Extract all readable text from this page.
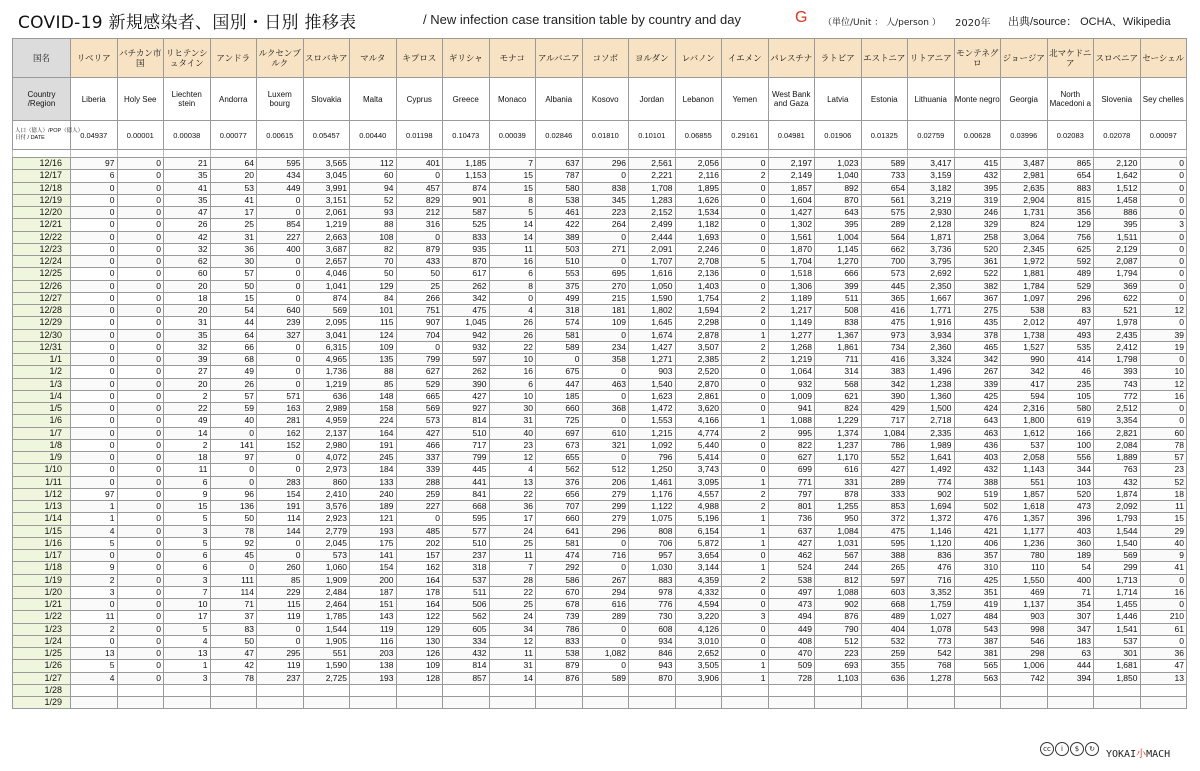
COVID-19 新規感染者、国別・日別 推移表	/ New infection case transition table by country and day	G （単位/Unit ： 人/person ） 2020年 出典/source： OCHA、Wikipedia
国名	リベリア	バチカン市国	リヒテンシュタイン	アンドラ	ルクセンブルク	スロバキア	マルタ	キプロス	ギリシャ	モナコ	アルバニア	コソボ	ヨルダン	レバノン	イエメン	パレスチナ	ラトビア	エストニア	リトアニア	モンテネグロ	ジョージア	北マケドニア	スロベニア	セーシェル
Country
/Region	Liberia	Holy See	Liechten stein	Andorra	Luxem bourg	Slovakia	Malta	Cyprus	Greece	Monaco	Albania	Kosovo	Jordan	Lebanon	Yemen	West Bank and Gaza	Latvia	Estonia	Lithuania	Monte negro	Georgia	North Macedoni a	Slovenia	Sey chelles

人口（億人）/POP（億人）
日付 / DATE	0.04937	0.00001	0.00038	0.00077	0.00615	0.05457	0.00440	0.01198	0.10473	0.00039	0.02846	0.01810	0.10101	0.06855	0.29161	0.04981	0.01906	0.01325	0.02759	0.00628	0.03996	0.02083	0.02078	0.00097

12/16	97	0	21	64	595	3,565	112	401	1,185	7	637	296	2,561	2,056	0	2,197	1,023	589	3,417	415	3,487	865	2,120	0
12/17	6	0	35	20	434	3,045	60	0	1,153	15	787	0	2,221	2,116	2	2,149	1,040	733	3,159	432	2,981	654	1,642	0
12/18	0	0	41	53	449	3,991	94	457	874	15	580	838	1,708	1,895	0	1,857	892	654	3,182	395	2,635	883	1,512	0
12/19	0	0	35	41	0	3,151	52	829	901	8	538	345	1,283	1,626	0	1,604	870	561	3,219	319	2,904	815	1,458	0
12/20	0	0	47	17	0	2,061	93	212	587	5	461	223	2,152	1,534	0	1,427	643	575	2,930	246	1,731	356	886	0
12/21	0	0	26	25	854	1,219	88	316	525	14	422	264	2,499	1,182	0	1,302	395	289	2,128	329	824	129	395	3
12/22	0	0	42	31	227	2,663	108	0	833	14	389	0	2,444	1,693	0	1,561	1,004	564	1,871	258	3,064	756	1,511	0
12/23	0	0	32	36	400	3,687	82	879	935	11	503	271	2,091	2,246	0	1,870	1,145	662	3,736	520	2,345	625	2,129	0
12/24	0	0	62	30	0	2,657	70	433	870	16	510	0	1,707	2,708	5	1,704	1,270	700	3,795	361	1,972	592	2,087	0
12/25	0	0	60	57	0	4,046	50	50	617	6	553	695	1,616	2,136	0	1,518	666	573	2,692	522	1,881	489	1,794	0
12/26	0	0	20	50	0	1,041	129	25	262	8	375	270	1,050	1,403	0	1,306	399	445	2,350	382	1,784	529	369	0
12/27	0	0	18	15	0	874	84	266	342	0	499	215	1,590	1,754	2	1,189	511	365	1,667	367	1,097	296	622	0
12/28	0	0	20	54	640	569	101	751	475	4	318	181	1,802	1,594	2	1,217	508	416	1,771	275	538	83	521	12
12/29	0	0	31	44	239	2,095	115	907	1,045	26	574	109	1,645	2,298	0	1,149	838	475	1,916	435	2,012	497	1,978	0
12/30	0	0	35	64	327	3,041	124	704	942	26	581	0	1,674	2,878	1	1,277	1,367	973	3,934	378	1,738	493	2,435	39
12/31	0	0	32	66	0	6,315	109	0	932	22	589	234	1,427	3,507	2	1,268	1,861	734	2,360	465	1,527	535	2,412	19
1/1	0	0	39	68	0	4,965	135	799	597	10	0	358	1,271	2,385	2	1,219	711	416	3,324	342	990	414	1,798	0
1/2	0	0	27	49	0	1,736	88	627	262	16	675	0	903	2,520	0	1,064	314	383	1,496	267	342	46	393	10
1/3	0	0	20	26	0	1,219	85	529	390	6	447	463	1,540	2,870	0	932	568	342	1,238	339	417	235	743	12
1/4	0	0	2	57	571	636	148	665	427	10	185	0	1,623	2,861	0	1,009	621	390	1,360	425	594	105	772	16
1/5	0	0	22	59	163	2,989	158	569	927	30	660	368	1,472	3,620	0	941	824	429	1,500	424	2,316	580	2,512	0
1/6	0	0	49	40	281	4,959	224	573	814	31	725	0	1,553	4,166	1	1,088	1,229	717	2,718	643	1,800	619	3,354	0
1/7	0	0	14	0	162	2,137	164	427	510	40	697	610	1,215	4,774	2	995	1,374	1,084	2,335	463	1,612	166	2,821	60
1/8	0	0	2	141	152	2,980	191	466	717	23	673	321	1,092	5,440	0	822	1,237	786	1,989	436	537	100	2,084	78
1/9	0	0	18	97	0	4,072	245	337	799	12	655	0	796	5,414	0	627	1,170	552	1,641	403	2,058	556	1,889	57
1/10	0	0	11	0	0	2,973	184	339	445	4	562	512	1,250	3,743	0	699	616	427	1,492	432	1,143	344	763	23
1/11	0	0	6	0	283	860	133	288	441	13	376	206	1,461	3,095	1	771	331	289	774	388	551	103	432	52
1/12	97	0	9	96	154	2,410	240	259	841	22	656	279	1,176	4,557	2	797	878	333	902	519	1,857	520	1,874	18
1/13	1	0	15	136	191	3,576	189	227	668	36	707	299	1,122	4,988	2	801	1,255	853	1,694	502	1,618	473	2,092	11
1/14	1	0	5	50	114	2,923	121	0	595	17	660	279	1,075	5,196	1	736	950	372	1,372	476	1,357	396	1,793	15
1/15	4	0	3	78	144	2,779	193	485	577	24	641	296	808	6,154	1	637	1,084	475	1,146	421	1,177	403	1,544	29
1/16	5	0	5	92	0	2,045	175	202	510	25	581	0	706	5,872	1	427	1,031	595	1,120	406	1,236	360	1,540	40
1/17	0	0	6	45	0	573	141	157	237	11	474	716	957	3,654	0	462	567	388	836	357	780	189	569	9
1/18	9	0	6	0	260	1,060	154	162	318	7	292	0	1,030	3,144	1	524	244	265	476	310	110	54	299	41
1/19	2	0	3	111	85	1,909	200	164	537	28	586	267	883	4,359	2	538	812	597	716	425	1,550	400	1,713	0
1/20	3	0	7	114	229	2,484	187	178	511	22	670	294	978	4,332	0	497	1,088	603	3,352	351	469	71	1,714	16
1/21	0	0	10	71	115	2,464	151	164	506	25	678	616	776	4,594	0	473	902	668	1,759	419	1,137	354	1,455	0
1/22	11	0	17	37	119	1,785	143	122	562	24	739	289	730	3,220	3	494	876	489	1,027	484	903	307	1,446	210
1/23	2	0	5	83	0	1,544	119	129	605	34	786	0	608	4,126	0	449	790	404	1,078	543	998	347	1,541	61
1/24	0	0	4	50	0	1,905	116	130	334	12	833	0	934	3,010	0	408	512	532	773	387	546	183	537	0
1/25	13	0	13	47	295	551	203	126	432	11	538	1,082	846	2,652	0	470	223	259	542	381	298	63	301	36
1/26	5	0	1	42	119	1,590	138	109	814	31	879	0	943	3,505	1	509	693	355	768	565	1,006	444	1,681	47
1/27	4	0	3	78	237	2,725	193	128	857	14	876	589	870	3,906	1	728	1,103	636	1,278	563	742	394	1,850	13
1/28																								
1/29																								
cc i $ ↻	YOKAI小MACH
